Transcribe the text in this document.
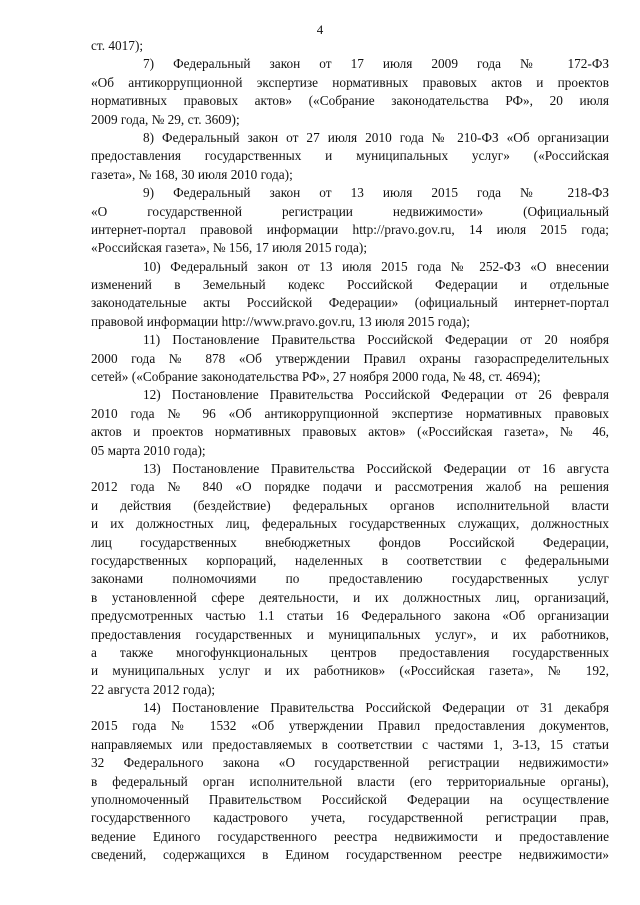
4
ст. 4017);
7) Федеральный закон от 17 июля 2009 года № 172-ФЗ
«Об антикоррупционной экспертизе нормативных правовых актов и проектов
нормативных правовых актов» («Собрание законодательства РФ», 20 июля
2009 года, № 29, ст. 3609);
8) Федеральный закон от 27 июля 2010 года № 210-ФЗ «Об организации
предоставления государственных и муниципальных услуг» («Российская
газета», № 168, 30 июля 2010 года);
9) Федеральный закон от 13 июля 2015 года № 218-ФЗ
«О государственной регистрации недвижимости» (Официальный
интернет-портал правовой информации http://pravo.gov.ru, 14 июля 2015 года;
«Российская газета», № 156, 17 июля 2015 года);
10) Федеральный закон от 13 июля 2015 года № 252-ФЗ «О внесении
изменений в Земельный кодекс Российской Федерации и отдельные
законодательные акты Российской Федерации» (официальный интернет-портал
правовой информации http://www.pravo.gov.ru, 13 июля 2015 года);
11) Постановление Правительства Российской Федерации от 20 ноября
2000 года № 878 «Об утверждении Правил охраны газораспределительных
сетей» («Собрание законодательства РФ», 27 ноября 2000 года, № 48, ст. 4694);
12) Постановление Правительства Российской Федерации от 26 февраля
2010 года № 96 «Об антикоррупционной экспертизе нормативных правовых
актов и проектов нормативных правовых актов» («Российская газета», № 46,
05 марта 2010 года);
13) Постановление Правительства Российской Федерации от 16 августа
2012 года № 840 «О порядке подачи и рассмотрения жалоб на решения
и действия (бездействие) федеральных органов исполнительной власти
и их должностных лиц, федеральных государственных служащих, должностных
лиц государственных внебюджетных фондов Российской Федерации,
государственных корпораций, наделенных в соответствии с федеральными
законами полномочиями по предоставлению государственных услуг
в установленной сфере деятельности, и их должностных лиц, организаций,
предусмотренных частью 1.1 статьи 16 Федерального закона «Об организации
предоставления государственных и муниципальных услуг», и их работников,
а также многофункциональных центров предоставления государственных
и муниципальных услуг и их работников» («Российская газета», № 192,
22 августа 2012 года);
14) Постановление Правительства Российской Федерации от 31 декабря
2015 года № 1532 «Об утверждении Правил предоставления документов,
направляемых или предоставляемых в соответствии с частями 1, 3-13, 15 статьи
32 Федерального закона «О государственной регистрации недвижимости»
в федеральный орган исполнительной власти (его территориальные органы),
уполномоченный Правительством Российской Федерации на осуществление
государственного кадастрового учета, государственной регистрации прав,
ведение Единого государственного реестра недвижимости и предоставление
сведений, содержащихся в Едином государственном реестре недвижимости»
